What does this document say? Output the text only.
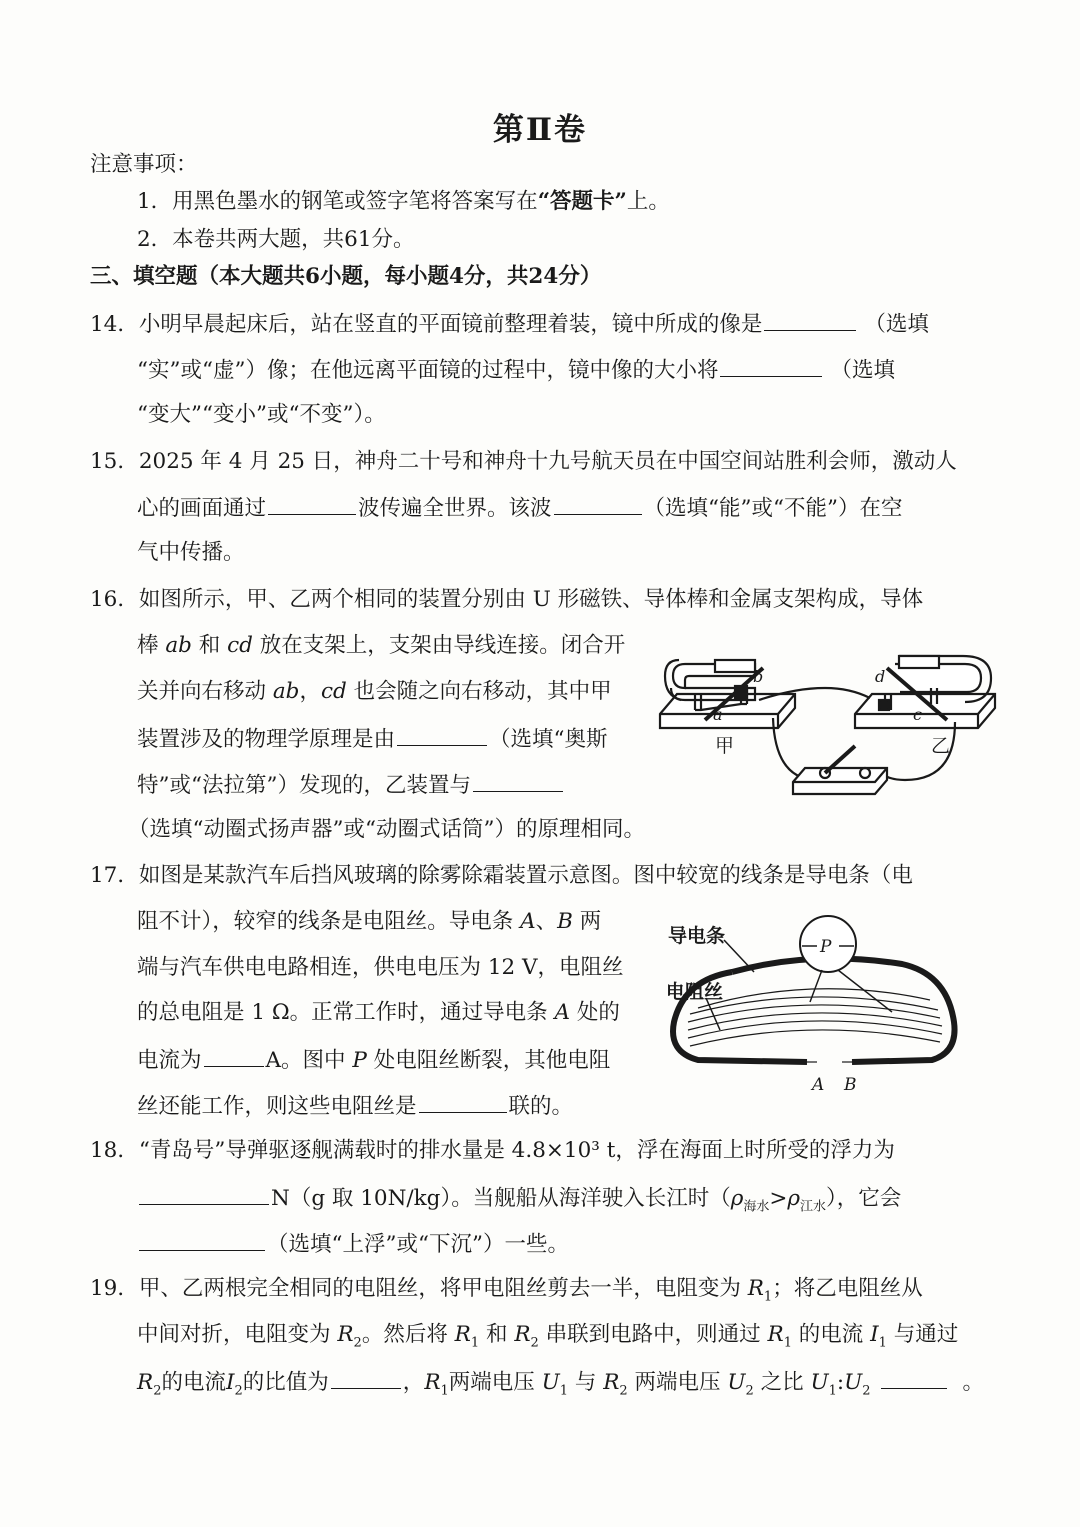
第Ⅱ卷
注意事项：
1．用黑色墨水的钢笔或签字笔将答案写在“答题卡”上。
2．本卷共两大题，共61分。
三、填空题（本大题共6小题，每小题4分，共24分）
14．小明早晨起床后，站在竖直的平面镜前整理着装，镜中所成的像是	（选填
“实”或“虚”）像；在他远离平面镜的过程中，镜中像的大小将	（选填
“变大”“变小”或“不变”）。
15．2025 年 4 月 25 日，神舟二十号和神舟十九号航天员在中国空间站胜利会师，激动人
心的画面通过	波传遍全世界。该波	（选填“能”或“不能”）在空
气中传播。
16．如图所示，甲、乙两个相同的装置分别由 U 形磁铁、导体棒和金属支架构成，导体
棒 ab 和 cd 放在支架上，支架由导线连接。闭合开
关并向右移动 ab，cd 也会随之向右移动，其中甲
装置涉及的物理学原理是由	（选填“奥斯
特”或“法拉第”）发现的，乙装置与
（选填“动圈式扬声器”或“动圈式话筒”）的原理相同。
b
a
d
c
甲	乙
17．如图是某款汽车后挡风玻璃的除雾除霜装置示意图。图中较宽的线条是导电条（电
阻不计），较窄的线条是电阻丝。导电条 A、B 两
端与汽车供电电路相连，供电电压为 12 V，电阻丝
的总电阻是 1 Ω。正常工作时，通过导电条 A 处的
电流为	A。图中 P 处电阻丝断裂，其他电阻
丝还能工作，则这些电阻丝是	联的。
导电条
电阻丝
P
A B
18．“青岛号”导弹驱逐舰满载时的排水量是 4.8×10³ t，浮在海面上时所受的浮力为
N（g 取 10N/kg）。当舰船从海洋驶入长江时$(\rho_{海水}>\rho_{江水})$，它会
（选填“上浮”或“下沉”）一些。
19．甲、乙两根完全相同的电阻丝，将甲电阻丝剪去一半，电阻变为 $R_1$；将乙电阻丝从
中间对折，电阻变为 $R_2$。然后将 $R_1$ 和 $R_2$ 串联到电路中，则通过 $R_1$ 的电流 $I_1$ 与通过
$R_2$的电流$I_2$的比值为	，$R_1$两端电压 $U_1$ 与 $R_2$ 两端电压 $U_2$ 之比 $U_1:U_2$	。
